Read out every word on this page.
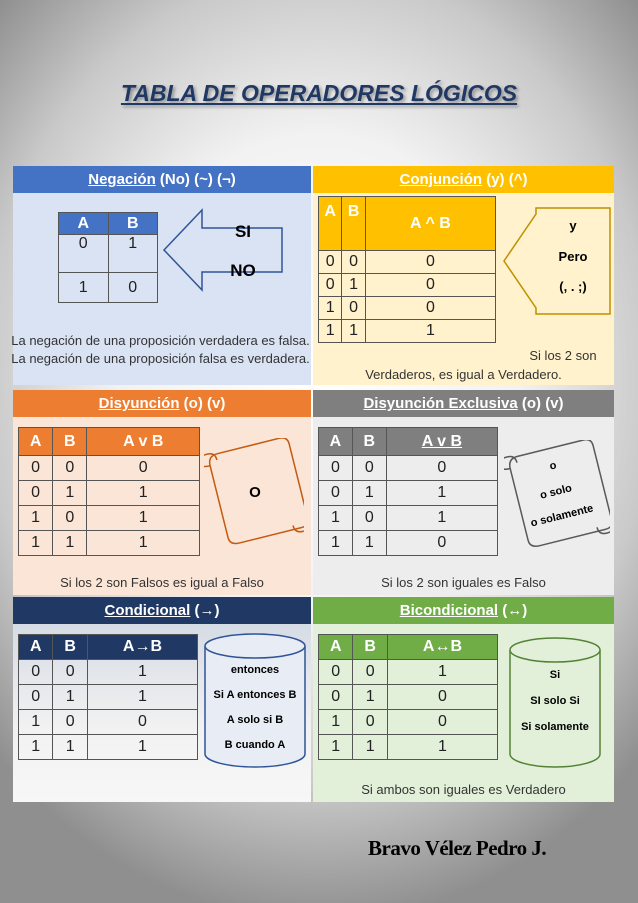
TABLA DE OPERADORES LÓGICOS
Negación (No) (~) (¬)
A	B
0	1
1	0
SI
NO
La negación de una proposición verdadera es falsa. La negación de una proposición falsa es verdadera.
Conjunción (y) (^)
A	B	A ^ B
0	0	0
0	1	0
1	0	0
1	1	1
y
Pero
(, . ;)
Si los 2 son
Verdaderos, es igual a Verdadero.
Disyunción (o) (v)
A	B	A v B
0	0	0
0	1	1
1	0	1
1	1	1
O
Si los 2 son Falsos es igual a Falso
Disyunción Exclusiva (o) (v)
A	B	A v B
0	0	0
0	1	1
1	0	1
1	1	0
o
o solo
o solamente
Si los 2 son iguales es Falso
Condicional (→)
A	B	A→B
0	0	1
0	1	1
1	0	0
1	1	1
entonces
Si A entonces B
A solo si B
B cuando A
Bicondicional (↔)
A	B	A↔B
0	0	1
0	1	0
1	0	0
1	1	1
Si
SI solo Si
Si solamente
Si ambos son iguales es Verdadero
Bravo Vélez Pedro J.
